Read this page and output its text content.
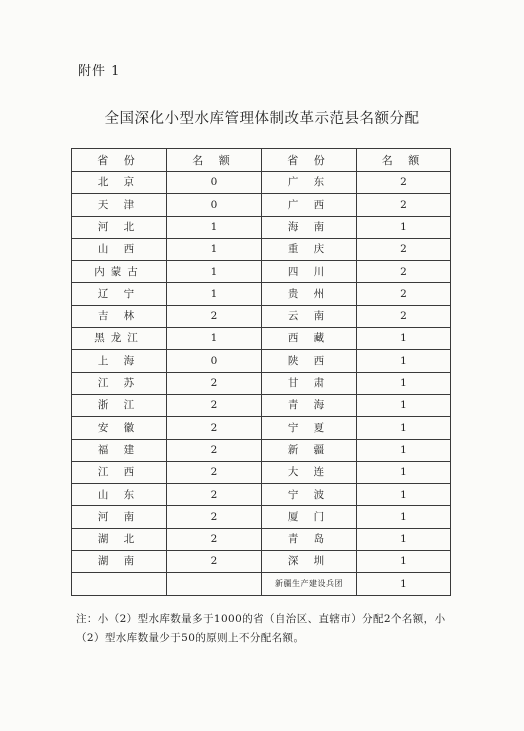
附件 1
全国深化小型水库管理体制改革示范县名额分配
省 份	名 额	省 份	名 额
北 京	0	广 东	2
天 津	0	广 西	2
河 北	1	海 南	1
山 西	1	重 庆	2
内蒙古	1	四 川	2
辽 宁	1	贵 州	2
吉 林	2	云 南	2
黑龙江	1	西 藏	1
上 海	0	陕 西	1
江 苏	2	甘 肃	1
浙 江	2	青 海	1
安 徽	2	宁 夏	1
福 建	2	新 疆	1
江 西	2	大 连	1
山 东	2	宁 波	1
河 南	2	厦 门	1
湖 北	2	青 岛	1
湖 南	2	深 圳	1
		新疆生产建设兵团	1
注：小（2）型水库数量多于1000的省（自治区、直辖市）分配2个名额，小（2）型水库数量少于50的原则上不分配名额。
